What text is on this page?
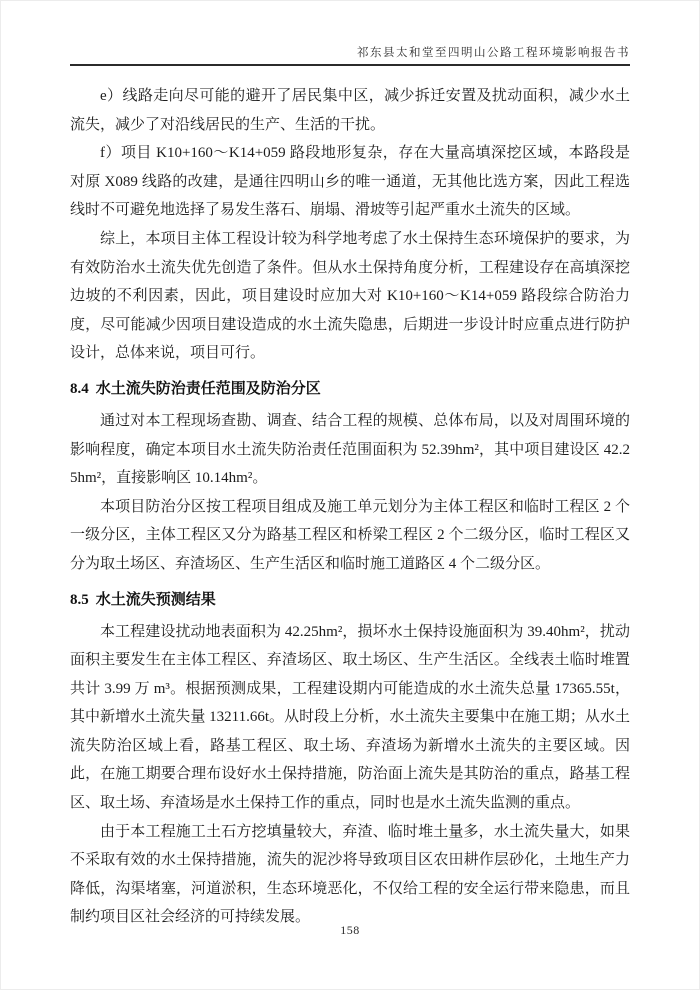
祁东县太和堂至四明山公路工程环境影响报告书

e）线路走向尽可能的避开了居民集中区，减少拆迁安置及扰动面积，减少水土流失，减少了对沿线居民的生产、生活的干扰。

f）项目 K10+160～K14+059 路段地形复杂，存在大量高填深挖区域，本路段是对原 X089 线路的改建，是通往四明山乡的唯一通道，无其他比选方案，因此工程选线时不可避免地选择了易发生落石、崩塌、滑坡等引起严重水土流失的区域。

综上，本项目主体工程设计较为科学地考虑了水土保持生态环境保护的要求，为有效防治水土流失优先创造了条件。但从水土保持角度分析，工程建设存在高填深挖边坡的不利因素，因此，项目建设时应加大对 K10+160～K14+059 路段综合防治力度，尽可能减少因项目建设造成的水土流失隐患，后期进一步设计时应重点进行防护设计，总体来说，项目可行。

8.4 水土流失防治责任范围及防治分区

通过对本工程现场查勘、调查、结合工程的规模、总体布局，以及对周围环境的影响程度，确定本项目水土流失防治责任范围面积为 52.39hm²，其中项目建设区 42.25hm²，直接影响区 10.14hm²。

本项目防治分区按工程项目组成及施工单元划分为主体工程区和临时工程区 2 个一级分区，主体工程区又分为路基工程区和桥梁工程区 2 个二级分区，临时工程区又分为取土场区、弃渣场区、生产生活区和临时施工道路区 4 个二级分区。

8.5 水土流失预测结果

本工程建设扰动地表面积为 42.25hm²，损坏水土保持设施面积为 39.40hm²，扰动面积主要发生在主体工程区、弃渣场区、取土场区、生产生活区。全线表土临时堆置共计 3.99 万 m³。根据预测成果，工程建设期内可能造成的水土流失总量 17365.55t，其中新增水土流失量 13211.66t。从时段上分析，水土流失主要集中在施工期；从水土流失防治区域上看，路基工程区、取土场、弃渣场为新增水土流失的主要区域。因此，在施工期要合理布设好水土保持措施，防治面上流失是其防治的重点，路基工程区、取土场、弃渣场是水土保持工作的重点，同时也是水土流失监测的重点。

由于本工程施工土石方挖填量较大，弃渣、临时堆土量多，水土流失量大，如果不采取有效的水土保持措施，流失的泥沙将导致项目区农田耕作层砂化，土地生产力降低，沟渠堵塞，河道淤积，生态环境恶化，不仅给工程的安全运行带来隐患，而且制约项目区社会经济的可持续发展。

158
